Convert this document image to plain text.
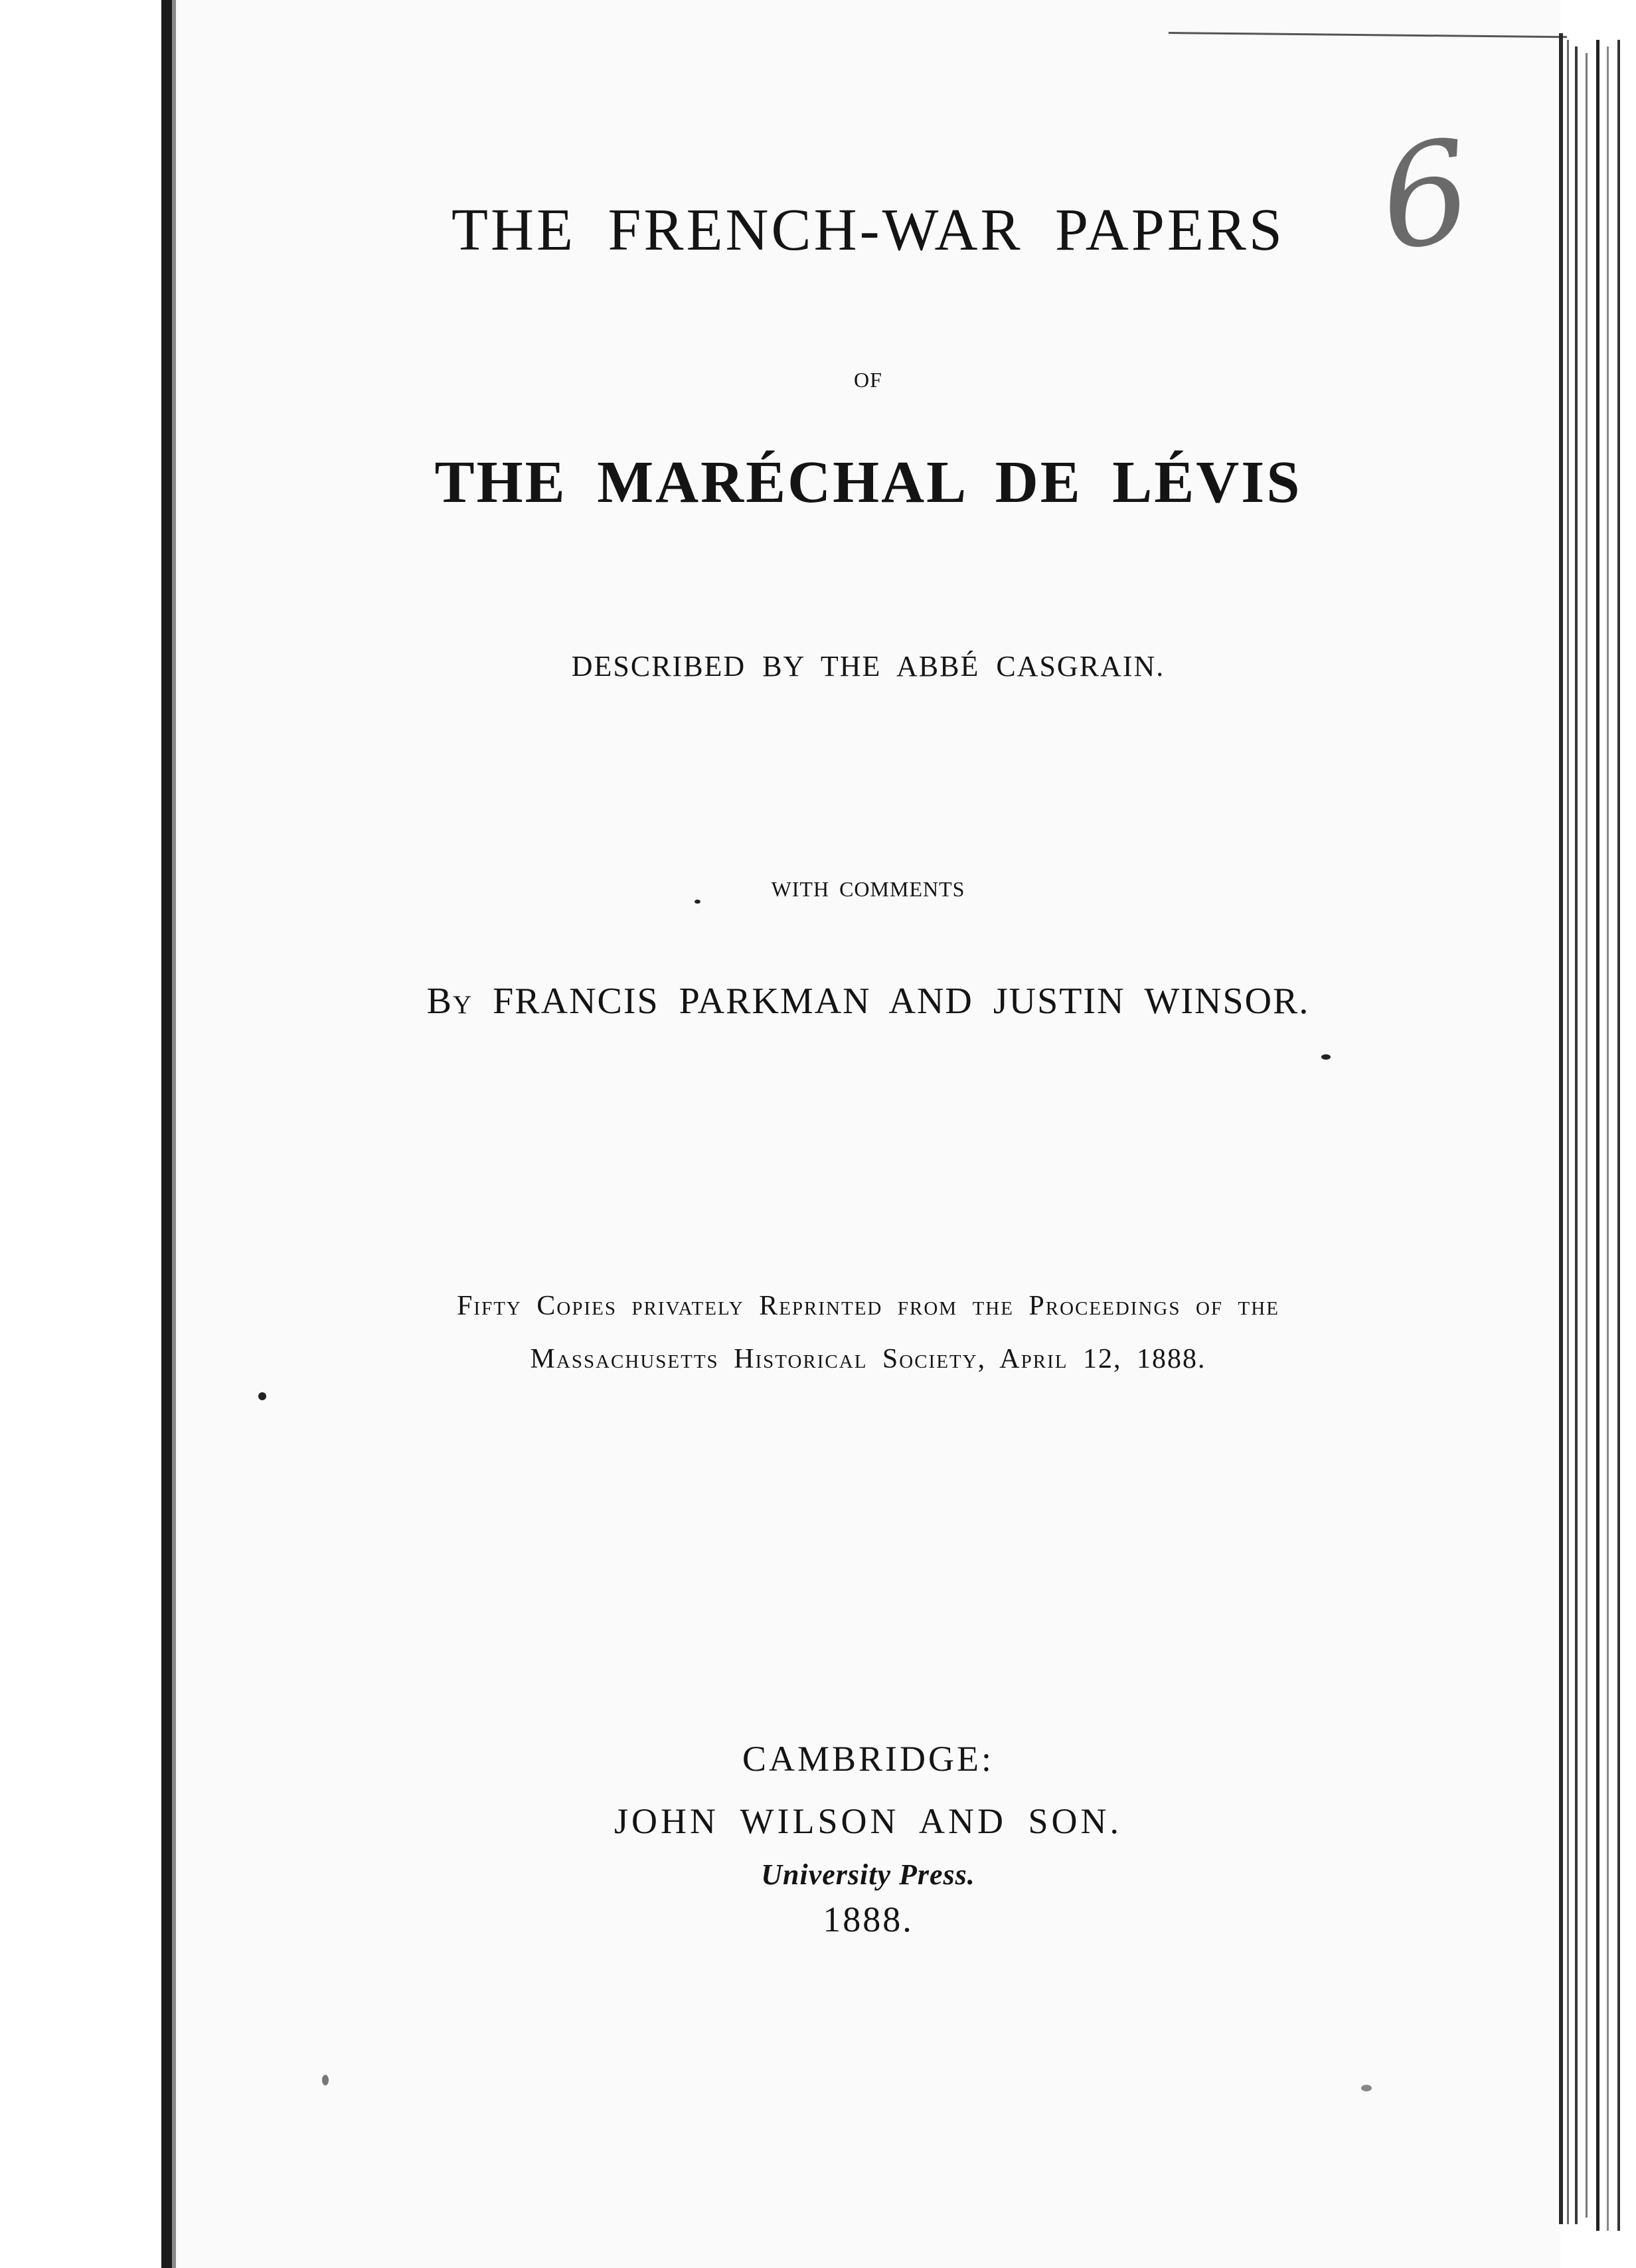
6
THE FRENCH-WAR PAPERS

OF

THE MARÉCHAL DE LÉVIS

DESCRIBED BY THE ABBÉ CASGRAIN.

WITH COMMENTS

By FRANCIS PARKMAN AND JUSTIN WINSOR.

Fifty Copies privately Reprinted from the Proceedings of the

Massachusetts Historical Society, April 12, 1888.

CAMBRIDGE:

JOHN WILSON AND SON.

University Press.

1888.
